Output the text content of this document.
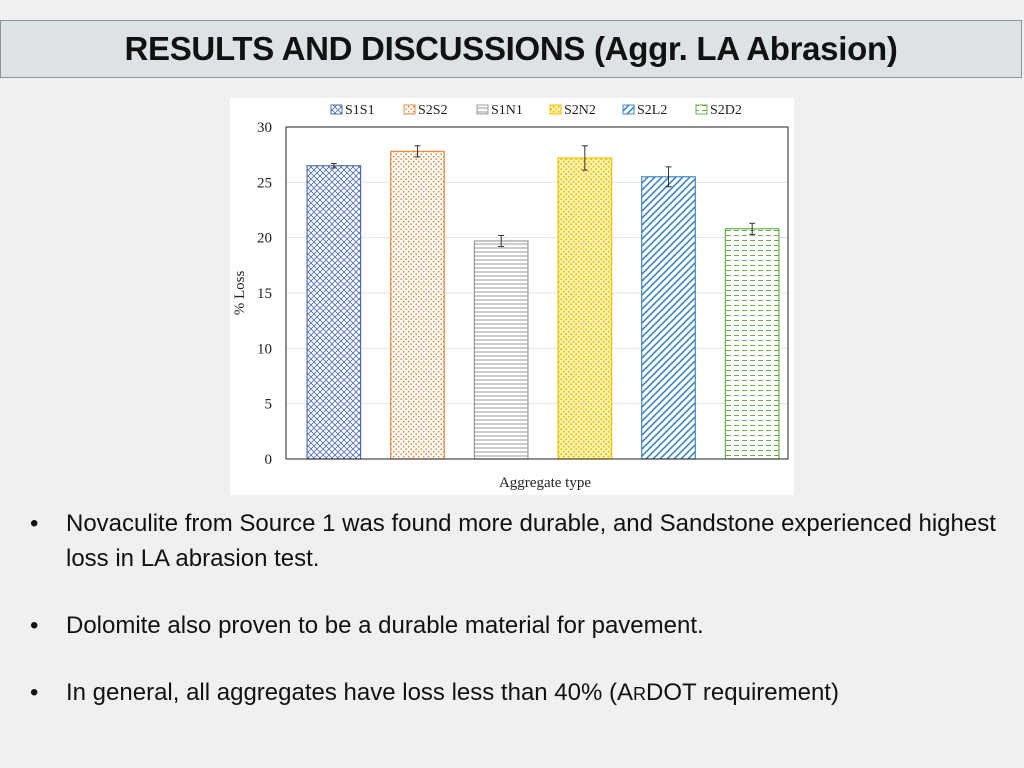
RESULTS AND DISCUSSIONS (Aggr. LA Abrasion)
0
5
10
15
20
25
30
S1S1	S2S2	S1N1	S2N2	S2L2	S2D2
% Loss
Aggregate type
• Novaculite from Source 1 was found more durable, and Sandstone experienced highest loss in LA abrasion test.
• Dolomite also proven to be a durable material for pavement.
• In general, all aggregates have loss less than 40% (ARDOT requirement)
